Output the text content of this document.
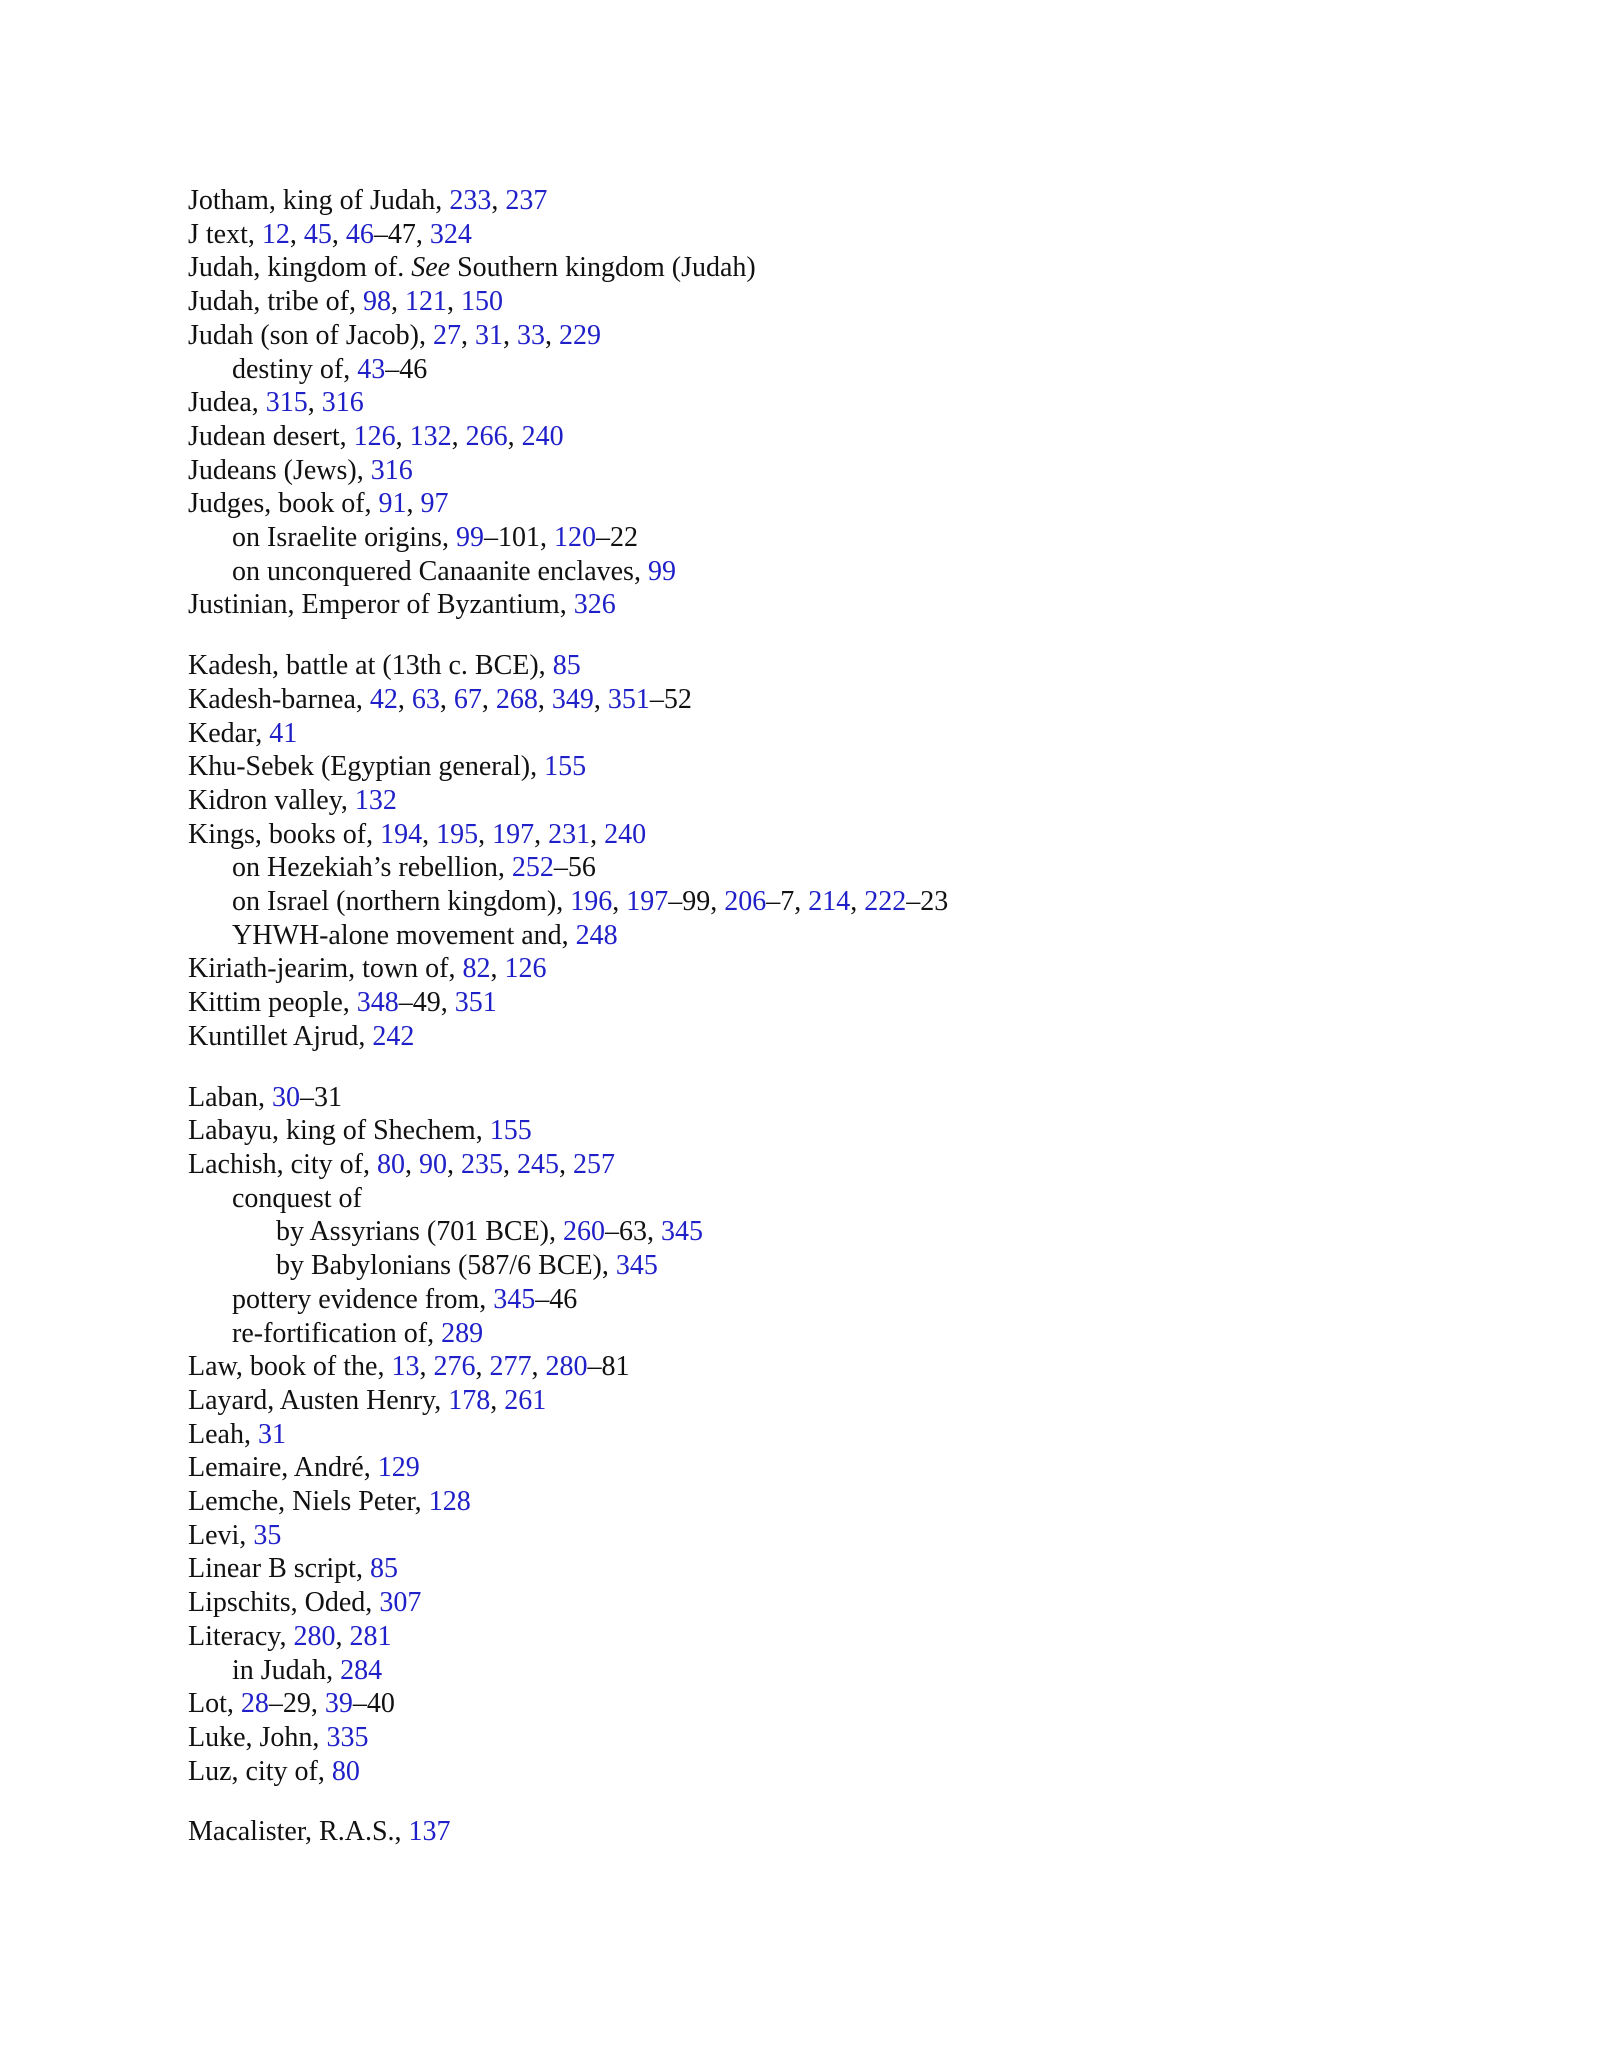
Jotham, king of Judah, 233, 237
J text, 12, 45, 46–47, 324
Judah, kingdom of. See Southern kingdom (Judah)
Judah, tribe of, 98, 121, 150
Judah (son of Jacob), 27, 31, 33, 229
destiny of, 43–46
Judea, 315, 316
Judean desert, 126, 132, 266, 240
Judeans (Jews), 316
Judges, book of, 91, 97
on Israelite origins, 99–101, 120–22
on unconquered Canaanite enclaves, 99
Justinian, Emperor of Byzantium, 326
Kadesh, battle at (13th c. BCE), 85
Kadesh-barnea, 42, 63, 67, 268, 349, 351–52
Kedar, 41
Khu-Sebek (Egyptian general), 155
Kidron valley, 132
Kings, books of, 194, 195, 197, 231, 240
on Hezekiah’s rebellion, 252–56
on Israel (northern kingdom), 196, 197–99, 206–7, 214, 222–23
YHWH-alone movement and, 248
Kiriath-jearim, town of, 82, 126
Kittim people, 348–49, 351
Kuntillet Ajrud, 242
Laban, 30–31
Labayu, king of Shechem, 155
Lachish, city of, 80, 90, 235, 245, 257
conquest of
by Assyrians (701 BCE), 260–63, 345
by Babylonians (587/6 BCE), 345
pottery evidence from, 345–46
re-fortification of, 289
Law, book of the, 13, 276, 277, 280–81
Layard, Austen Henry, 178, 261
Leah, 31
Lemaire, André, 129
Lemche, Niels Peter, 128
Levi, 35
Linear B script, 85
Lipschits, Oded, 307
Literacy, 280, 281
in Judah, 284
Lot, 28–29, 39–40
Luke, John, 335
Luz, city of, 80
Macalister, R.A.S., 137
